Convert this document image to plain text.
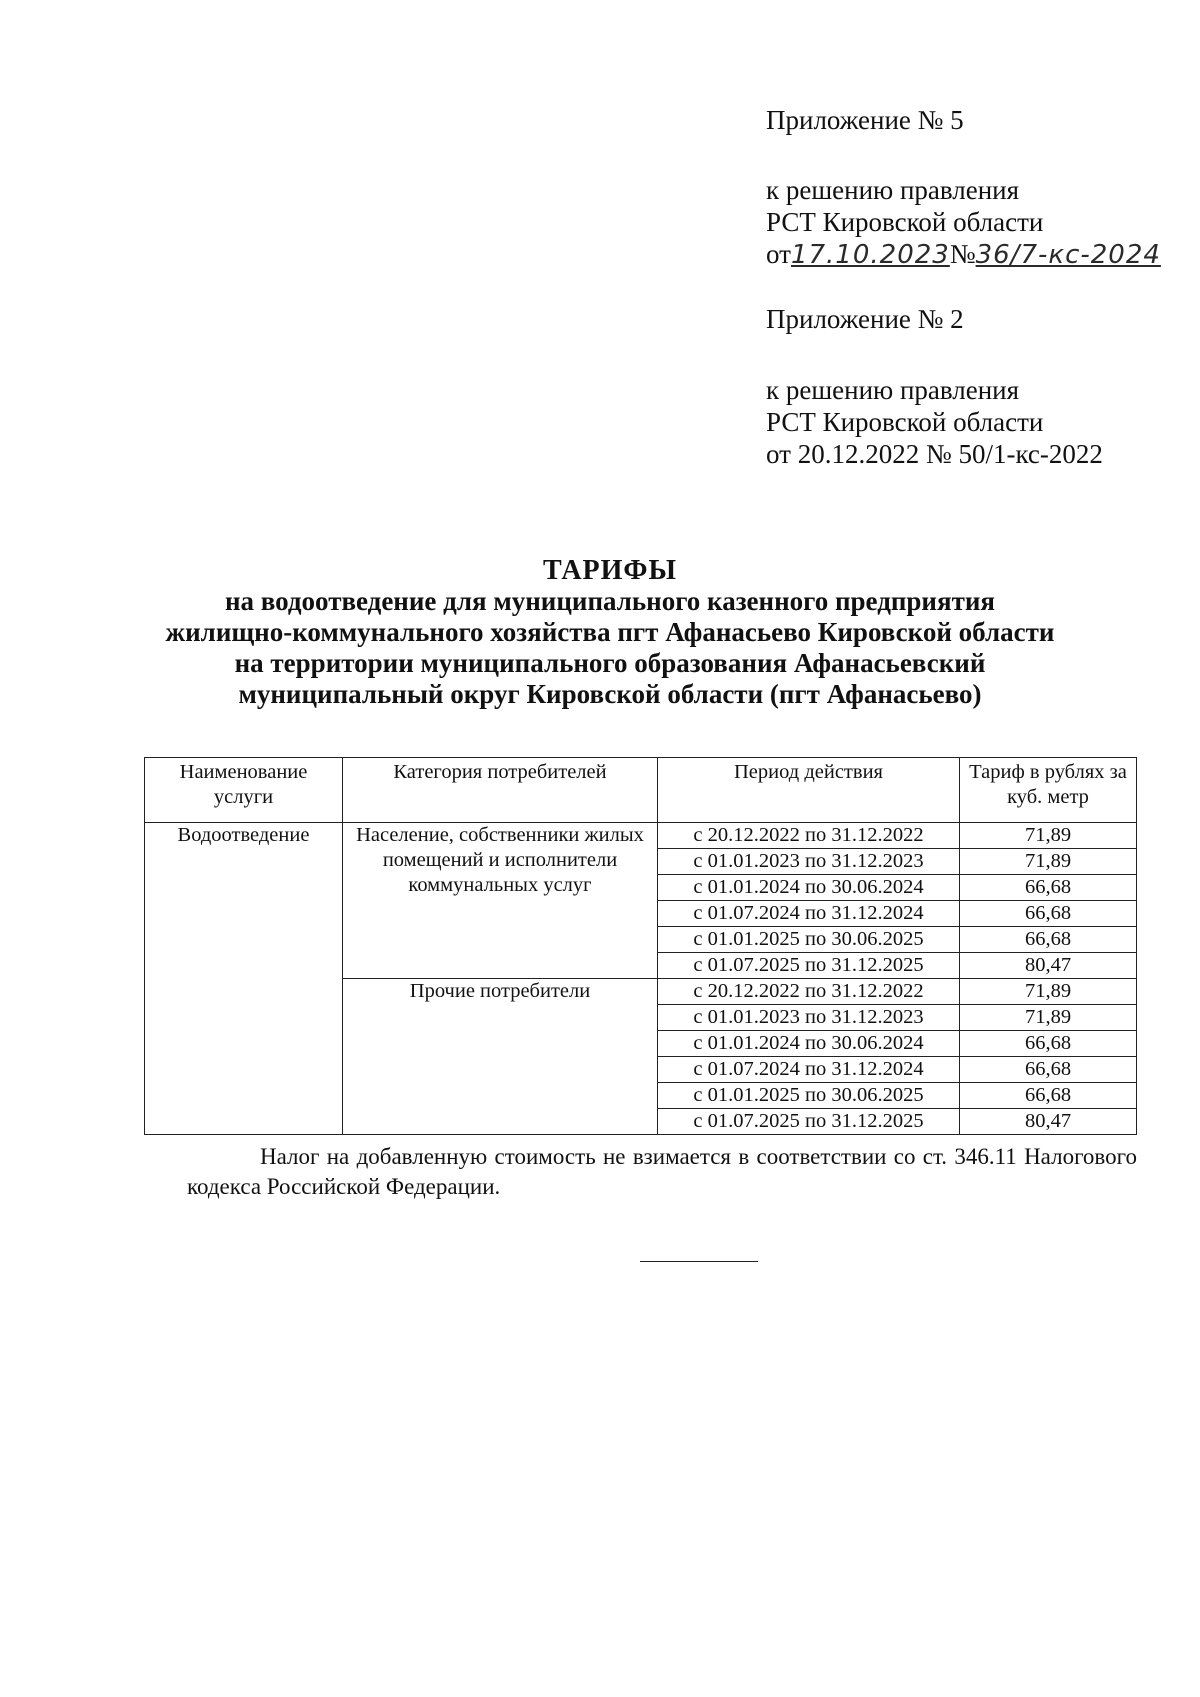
Приложение № 5

к решению правления
РСТ Кировской области
от17.10.2023№36/7-кс-2024

Приложение № 2

к решению правления
РСТ Кировской области
от 20.12.2022 № 50/1-кс-2022
ТАРИФЫ
на водоотведение для муниципального казенного предприятия
жилищно-коммунального хозяйства пгт Афанасьево Кировской области
на территории муниципального образования Афанасьевский
муниципальный округ Кировской области (пгт Афанасьево)
Наименование услуги	Категория потребителей	Период действия	Тариф в рублях за куб. метр
Водоотведение	Население, собственники жилых помещений и исполнители коммунальных услуг	с 20.12.2022 по 31.12.2022	71,89
		с 01.01.2023 по 31.12.2023	71,89
		с 01.01.2024 по 30.06.2024	66,68
		с 01.07.2024 по 31.12.2024	66,68
		с 01.01.2025 по 30.06.2025	66,68
		с 01.07.2025 по 31.12.2025	80,47
	Прочие потребители	с 20.12.2022 по 31.12.2022	71,89
		с 01.01.2023 по 31.12.2023	71,89
		с 01.01.2024 по 30.06.2024	66,68
		с 01.07.2024 по 31.12.2024	66,68
		с 01.01.2025 по 30.06.2025	66,68
		с 01.07.2025 по 31.12.2025	80,47

Налог на добавленную стоимость не взимается в соответствии со ст. 346.11 Налогового кодекса Российской Федерации.
